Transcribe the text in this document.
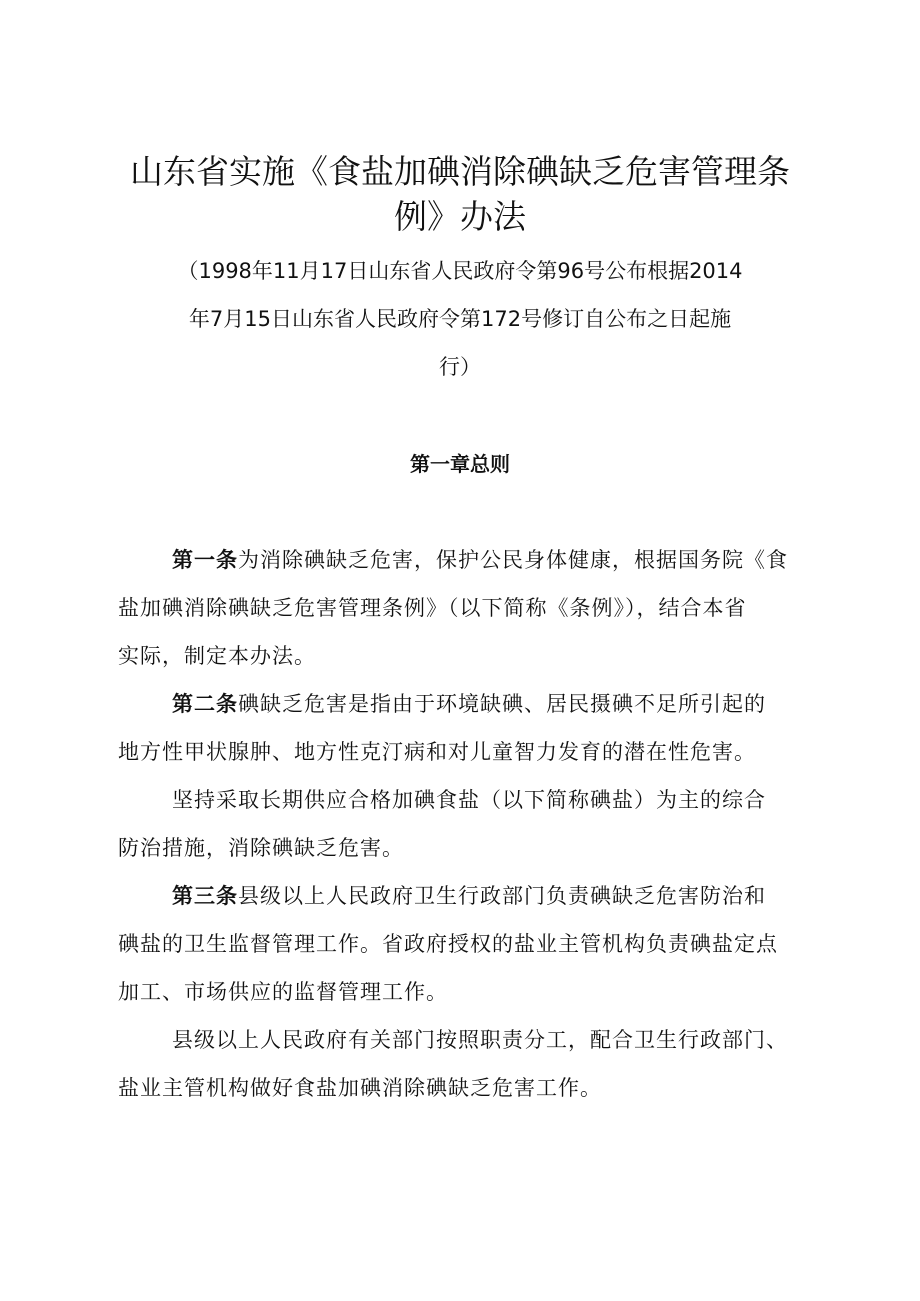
山东省实施《食盐加碘消除碘缺乏危害管理条
例》办法
（1998年11月17日山东省人民政府令第96号公布根据2014
年7月15日山东省人民政府令第172号修订自公布之日起施
行）
第一章总则
第一条为消除碘缺乏危害，保护公民身体健康，根据国务院《食
盐加碘消除碘缺乏危害管理条例》（以下简称《条例》），结合本省
实际，制定本办法。
第二条碘缺乏危害是指由于环境缺碘、居民摄碘不足所引起的
地方性甲状腺肿、地方性克汀病和对儿童智力发育的潜在性危害。
坚持采取长期供应合格加碘食盐（以下简称碘盐）为主的综合
防治措施，消除碘缺乏危害。
第三条县级以上人民政府卫生行政部门负责碘缺乏危害防治和
碘盐的卫生监督管理工作。省政府授权的盐业主管机构负责碘盐定点
加工、市场供应的监督管理工作。
县级以上人民政府有关部门按照职责分工，配合卫生行政部门、
盐业主管机构做好食盐加碘消除碘缺乏危害工作。
